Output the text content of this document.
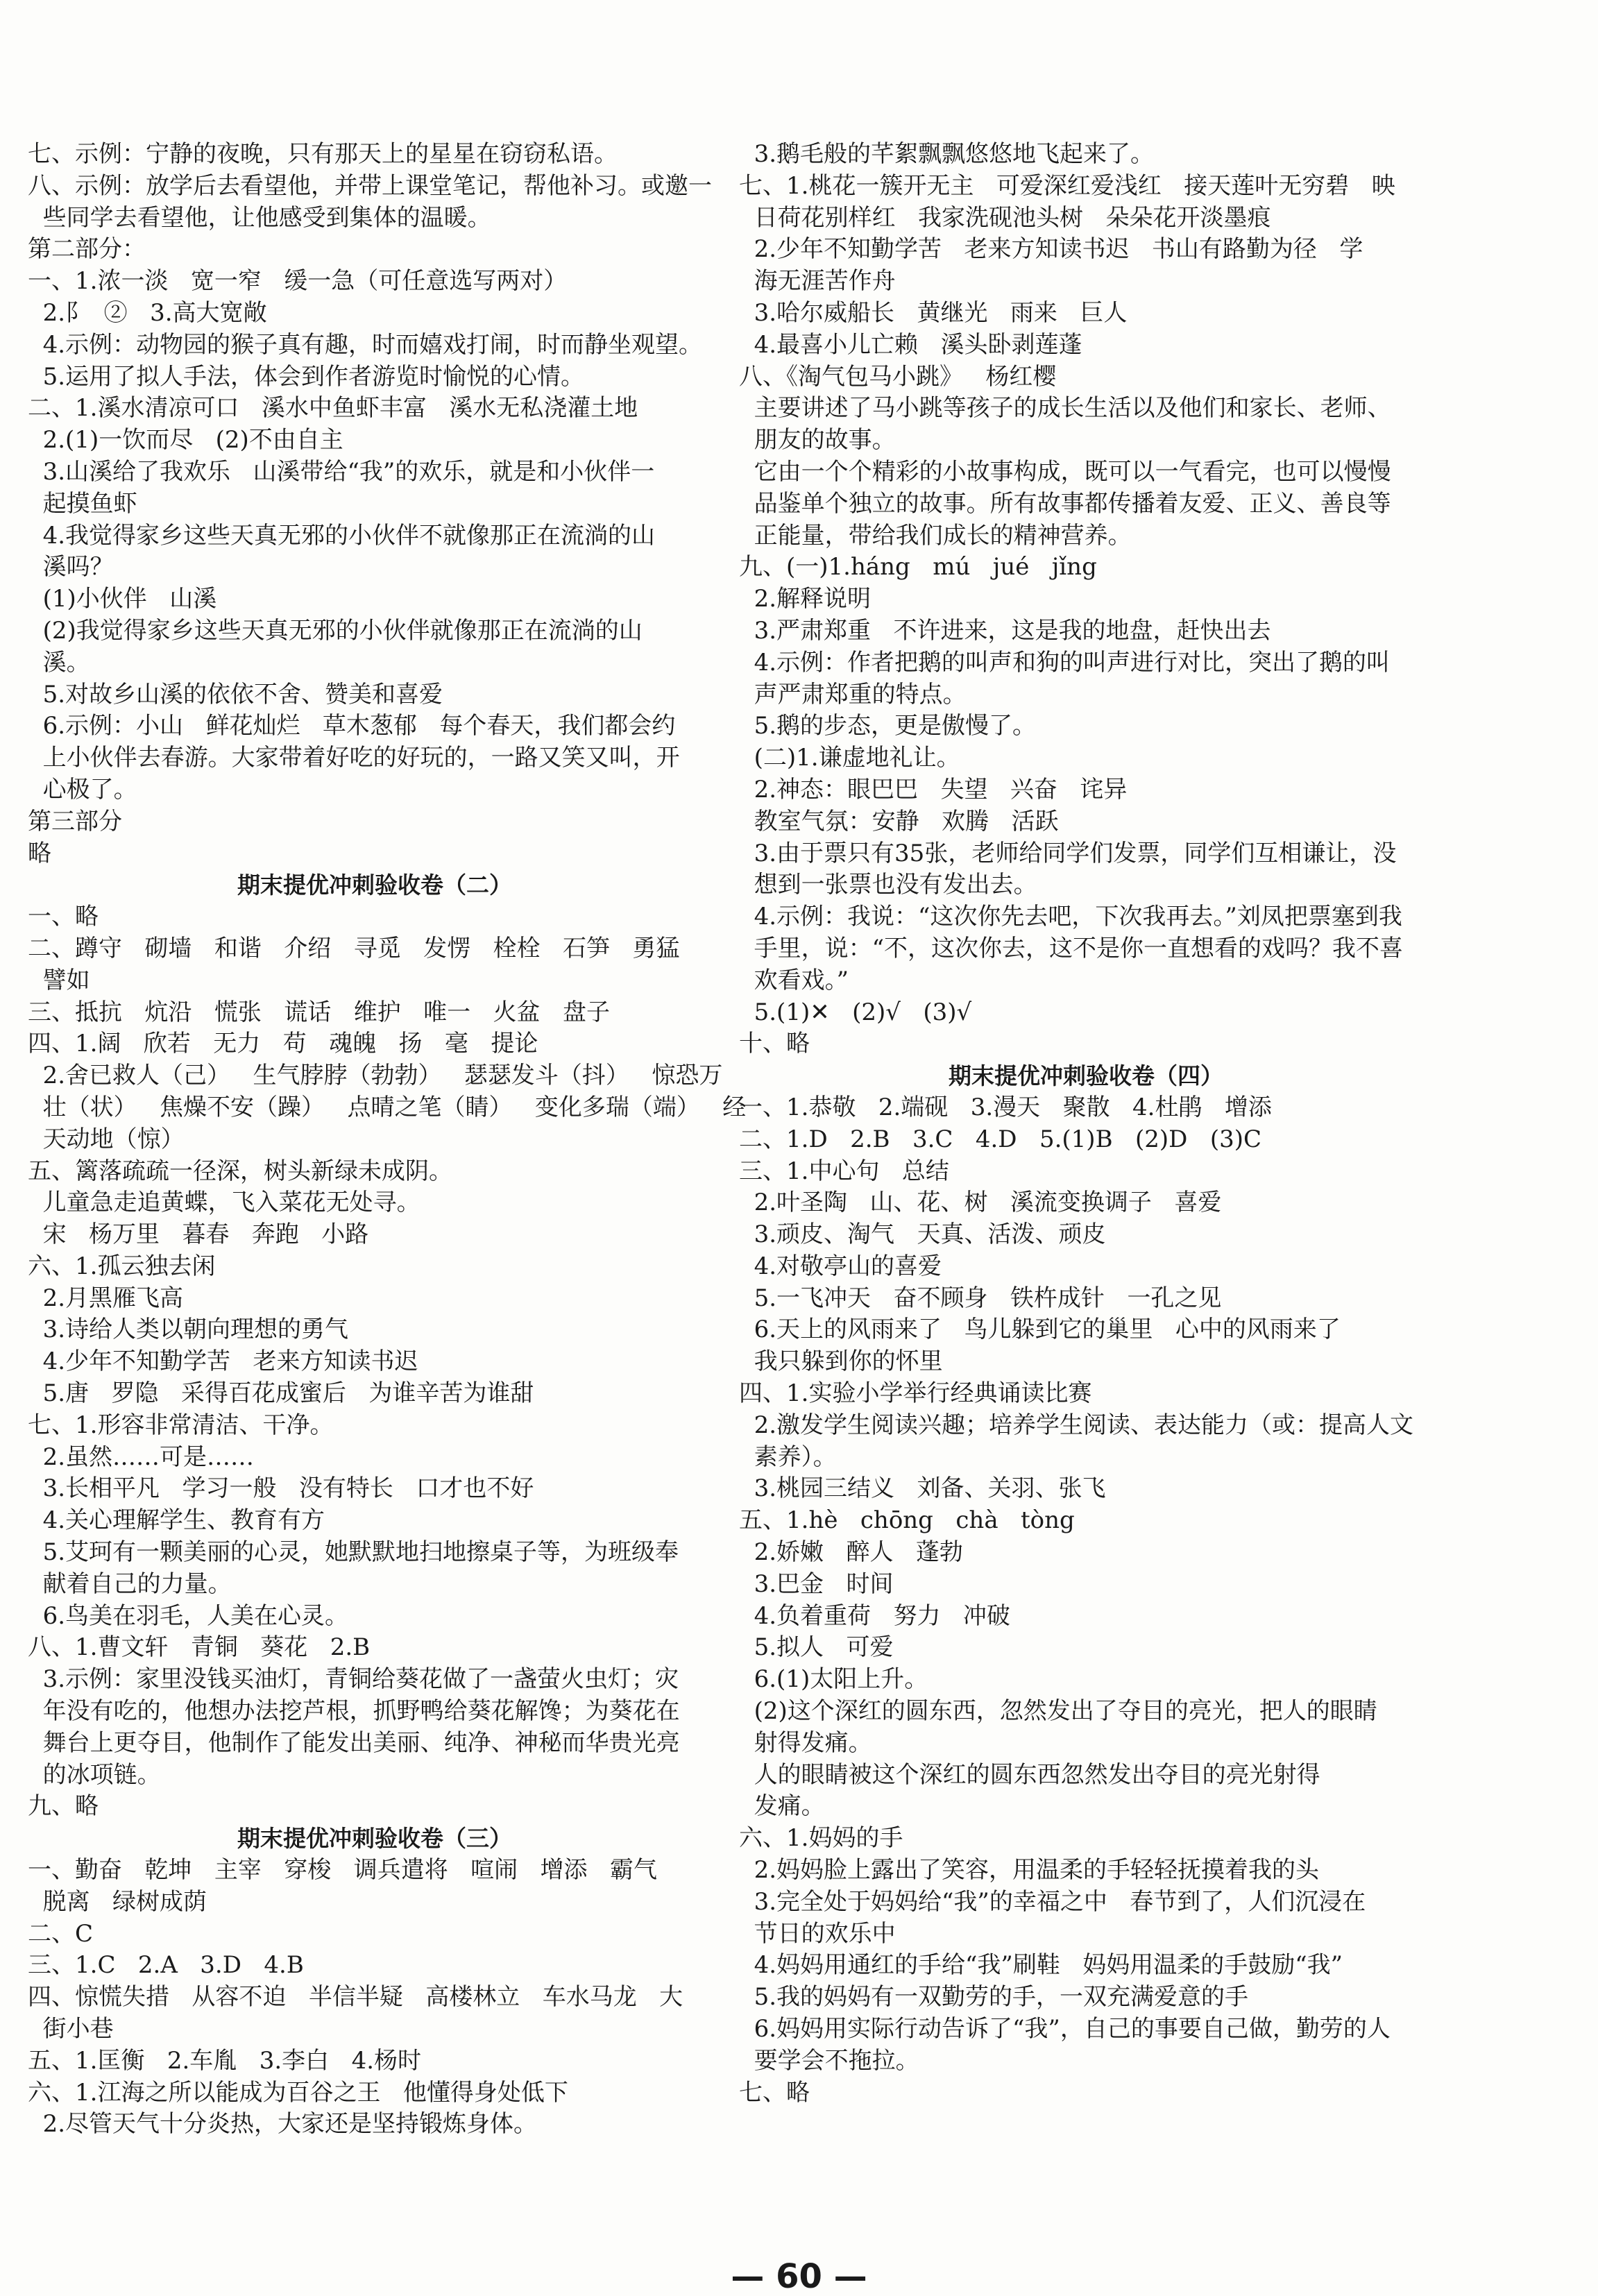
七、示例：宁静的夜晚，只有那天上的星星在窃窃私语。
八、示例：放学后去看望他，并带上课堂笔记，帮他补习。或邀一
些同学去看望他，让他感受到集体的温暖。
第二部分：
一、1.浓一淡   宽一窄   缓一急（可任意选写两对）
2.阝  ②   3.高大宽敞
4.示例：动物园的猴子真有趣，时而嬉戏打闹，时而静坐观望。
5.运用了拟人手法，体会到作者游览时愉悦的心情。
二、1.溪水清凉可口   溪水中鱼虾丰富   溪水无私浇灌土地
2.(1)一饮而尽   (2)不由自主
3.山溪给了我欢乐   山溪带给“我”的欢乐，就是和小伙伴一
起摸鱼虾
4.我觉得家乡这些天真无邪的小伙伴不就像那正在流淌的山
溪吗？
(1)小伙伴   山溪
(2)我觉得家乡这些天真无邪的小伙伴就像那正在流淌的山
溪。
5.对故乡山溪的依依不舍、赞美和喜爱
6.示例：小山   鲜花灿烂   草木葱郁   每个春天，我们都会约
上小伙伴去春游。大家带着好吃的好玩的，一路又笑又叫，开
心极了。
第三部分
略
期末提优冲刺验收卷（二）
一、略
二、蹲守   砌墙   和谐   介绍   寻觅   发愣   栓栓   石笋   勇猛
譬如
三、抵抗   炕沿   慌张   谎话   维护   唯一   火盆   盘子
四、1.阔   欣若   无力   苟   魂魄   扬   毫   提论
2.舍已救人（己）   生气脖脖（勃勃）   瑟瑟发斗（抖）   惊恐万
壮（状）   焦燥不安（躁）   点晴之笔（睛）   变化多瑞（端）   经
天动地（惊）
五、篱落疏疏一径深，树头新绿未成阴。
儿童急走追黄蝶，飞入菜花无处寻。
宋   杨万里   暮春   奔跑   小路
六、1.孤云独去闲
2.月黑雁飞高
3.诗给人类以朝向理想的勇气
4.少年不知勤学苦   老来方知读书迟
5.唐   罗隐   采得百花成蜜后   为谁辛苦为谁甜
七、1.形容非常清洁、干净。
2.虽然……可是……
3.长相平凡   学习一般   没有特长   口才也不好
4.关心理解学生、教育有方
5.艾珂有一颗美丽的心灵，她默默地扫地擦桌子等，为班级奉
献着自己的力量。
6.鸟美在羽毛，人美在心灵。
八、1.曹文轩   青铜   葵花   2.B
3.示例：家里没钱买油灯，青铜给葵花做了一盏萤火虫灯；灾
年没有吃的，他想办法挖芦根，抓野鸭给葵花解馋；为葵花在
舞台上更夺目，他制作了能发出美丽、纯净、神秘而华贵光亮
的冰项链。
九、略
期末提优冲刺验收卷（三）
一、勤奋   乾坤   主宰   穿梭   调兵遣将   喧闹   增添   霸气
脱离   绿树成荫
二、C
三、1.C   2.A   3.D   4.B
四、惊慌失措   从容不迫   半信半疑   高楼林立   车水马龙   大
街小巷
五、1.匡衡   2.车胤   3.李白   4.杨时
六、1.江海之所以能成为百谷之王   他懂得身处低下
2.尽管天气十分炎热，大家还是坚持锻炼身体。
3.鹅毛般的芊絮飘飘悠悠地飞起来了。
七、1.桃花一簇开无主   可爱深红爱浅红   接天莲叶无穷碧   映
日荷花别样红   我家洗砚池头树   朵朵花开淡墨痕
2.少年不知勤学苦   老来方知读书迟   书山有路勤为径   学
海无涯苦作舟
3.哈尔威船长   黄继光   雨来   巨人
4.最喜小儿亡赖   溪头卧剥莲蓬
八、《淘气包马小跳》   杨红樱
主要讲述了马小跳等孩子的成长生活以及他们和家长、老师、
朋友的故事。
它由一个个精彩的小故事构成，既可以一气看完，也可以慢慢
品鉴单个独立的故事。所有故事都传播着友爱、正义、善良等
正能量，带给我们成长的精神营养。
九、(一)1.háng   mú   jué   jǐng
2.解释说明
3.严肃郑重   不许进来，这是我的地盘，赶快出去
4.示例：作者把鹅的叫声和狗的叫声进行对比，突出了鹅的叫
声严肃郑重的特点。
5.鹅的步态，更是傲慢了。
(二)1.谦虚地礼让。
2.神态：眼巴巴   失望   兴奋   诧异
教室气氛：安静   欢腾   活跃
3.由于票只有35张，老师给同学们发票，同学们互相谦让，没
想到一张票也没有发出去。
4.示例：我说：“这次你先去吧，下次我再去。”刘凤把票塞到我
手里，说：“不，这次你去，这不是你一直想看的戏吗？我不喜
欢看戏。”
5.(1)✕   (2)√   (3)√
十、略
期末提优冲刺验收卷（四）
一、1.恭敬   2.端砚   3.漫天   聚散   4.杜鹃   增添
二、1.D   2.B   3.C   4.D   5.(1)B   (2)D   (3)C
三、1.中心句   总结
2.叶圣陶   山、花、树   溪流变换调子   喜爱
3.顽皮、淘气   天真、活泼、顽皮
4.对敬亭山的喜爱
5.一飞冲天   奋不顾身   铁杵成针   一孔之见
6.天上的风雨来了   鸟儿躲到它的巢里   心中的风雨来了
我只躲到你的怀里
四、1.实验小学举行经典诵读比赛
2.激发学生阅读兴趣；培养学生阅读、表达能力（或：提高人文
素养）。
3.桃园三结义   刘备、关羽、张飞
五、1.hè   chōng   chà   tòng
2.娇嫩   醉人   蓬勃
3.巴金   时间
4.负着重荷   努力   冲破
5.拟人   可爱
6.(1)太阳上升。
(2)这个深红的圆东西，忽然发出了夺目的亮光，把人的眼睛
射得发痛。
人的眼睛被这个深红的圆东西忽然发出夺目的亮光射得
发痛。
六、1.妈妈的手
2.妈妈脸上露出了笑容，用温柔的手轻轻抚摸着我的头
3.完全处于妈妈给“我”的幸福之中   春节到了，人们沉浸在
节日的欢乐中
4.妈妈用通红的手给“我”刷鞋   妈妈用温柔的手鼓励“我”
5.我的妈妈有一双勤劳的手，一双充满爱意的手
6.妈妈用实际行动告诉了“我”，自己的事要自己做，勤劳的人
要学会不拖拉。
七、略
— 60 —
